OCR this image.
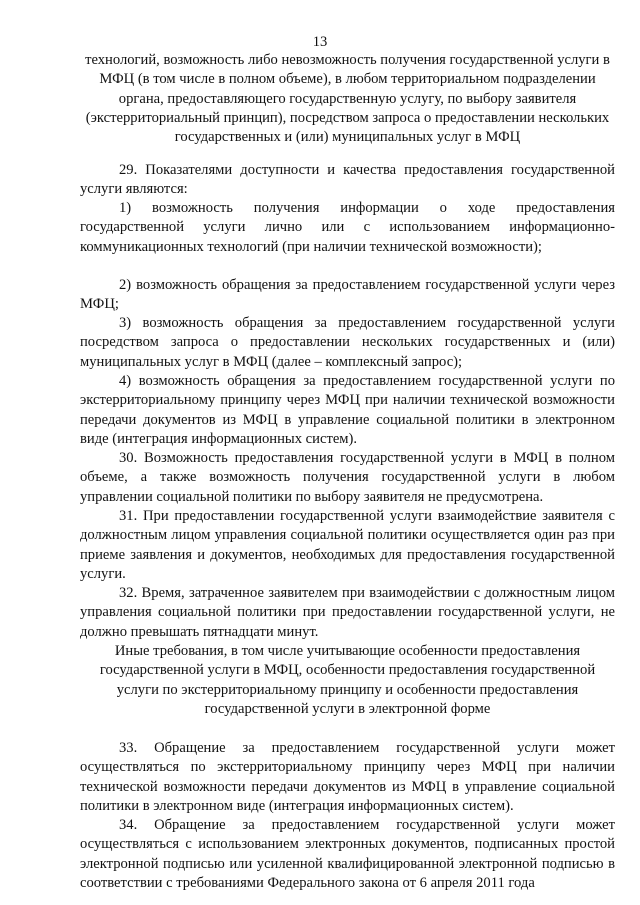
13
технологий, возможность либо невозможность получения государственной услуги в МФЦ (в том числе в полном объеме), в любом территориальном подразделении органа, предоставляющего государственную услугу, по выбору заявителя (экстерриториальный принцип), посредством запроса о предоставлении нескольких государственных и (или) муниципальных услуг в МФЦ
29. Показателями доступности и качества предоставления государственной услуги являются:
1) возможность получения информации о ходе предоставления государственной услуги лично или с использованием информационно-коммуникационных технологий (при наличии технической возможности);
2) возможность обращения за предоставлением государственной услуги через МФЦ;
3) возможность обращения за предоставлением государственной услуги посредством запроса о предоставлении нескольких государственных и (или) муниципальных услуг в МФЦ (далее – комплексный запрос);
4) возможность обращения за предоставлением государственной услуги по экстерриториальному принципу через МФЦ при наличии технической возможности передачи документов из МФЦ в управление социальной политики в электронном виде (интеграция информационных систем).
30. Возможность предоставления государственной услуги в МФЦ в полном объеме, а также возможность получения государственной услуги в любом управлении социальной политики по выбору заявителя не предусмотрена.
31. При предоставлении государственной услуги взаимодействие заявителя с должностным лицом управления социальной политики осуществляется один раз при приеме заявления и документов, необходимых для предоставления государственной услуги.
32. Время, затраченное заявителем при взаимодействии с должностным лицом управления социальной политики при предоставлении государственной услуги, не должно превышать пятнадцати минут.
Иные требования, в том числе учитывающие особенности предоставления государственной услуги в МФЦ, особенности предоставления государственной услуги по экстерриториальному принципу и особенности предоставления государственной услуги в электронной форме
33. Обращение за предоставлением государственной услуги может осуществляться по экстерриториальному принципу через МФЦ при наличии технической возможности передачи документов из МФЦ в управление социальной политики в электронном виде (интеграция информационных систем).
34. Обращение за предоставлением государственной услуги может осуществляться с использованием электронных документов, подписанных простой электронной подписью или усиленной квалифицированной электронной подписью в соответствии с требованиями Федерального закона от 6 апреля 2011 года
